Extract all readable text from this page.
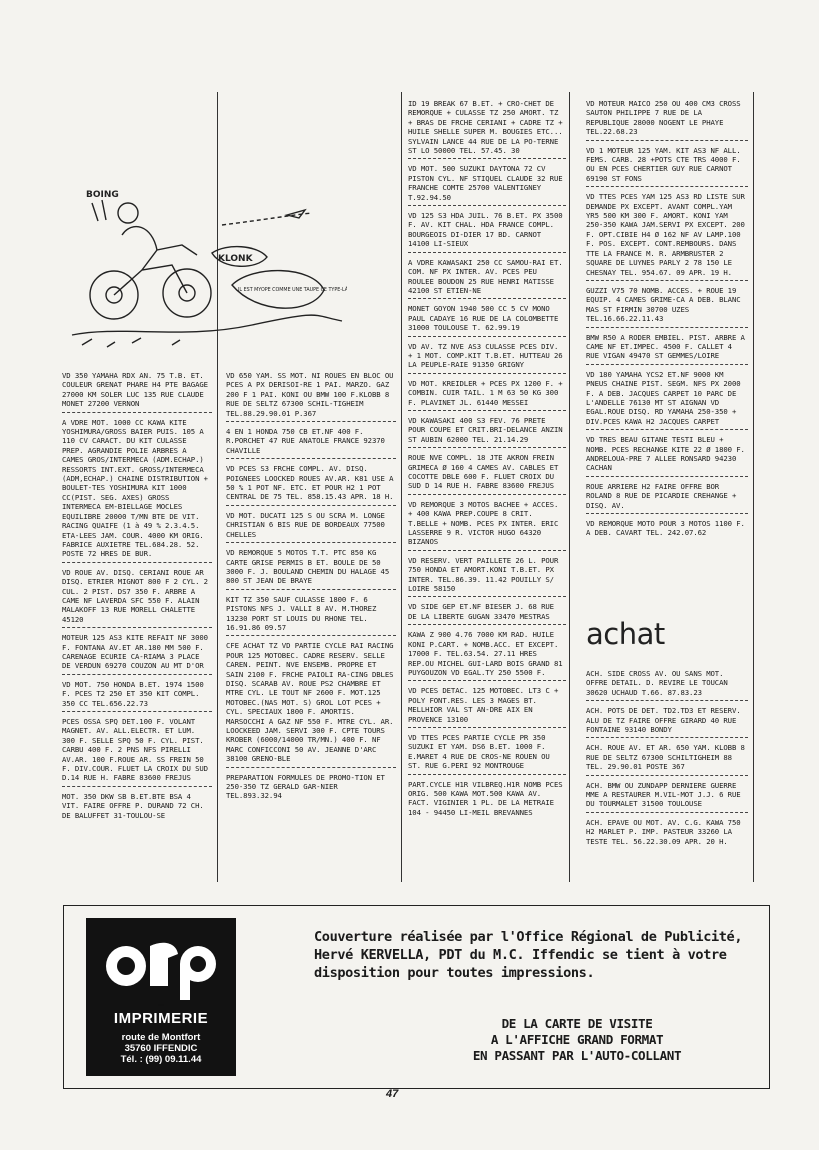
BOING
KLONK
IL EST MYOPE COMME UNE TAUPE CE TYPE-LÀ
VD 350 YAMAHA RDX AN. 75 T.B. ET. COULEUR GRENAT PHARE H4 PTE BAGAGE 27000 KM SOLER LUC 135 RUE CLAUDE MONET 27200 VERNON
A VDRE MOT. 1000 CC KAWA KITE YOSHIMURA/GROSS BAIER PUIS. 105 A 110 CV CARACT. DU KIT CULASSE PREP. AGRANDIE POLIE ARBRES A CAMES GROS/INTERMECA (ADM.ECHAP.) RESSORTS INT.EXT. GROSS/INTERMECA (ADM,ECHAP.) CHAINE DISTRIBUTION + BOULET-TES YOSHIMURA KIT 1000 CC(PIST. SEG. AXES) GROSS INTERMECA EM-BIELLAGE MOCLES EQUILIBRE 20000 T/MN BTE DE VIT. RACING QUAIFE (1 à 49 % 2.3.4.5. ETA-LEES JAM. COUR. 4000 KM ORIG. FABRICE AUXIETRE TEL.684.28. 52. POSTE 72 HRES DE BUR.
VD ROUE AV. DISQ. CERIANI ROUE AR DISQ. ETRIER MIGNOT 800 F 2 CYL. 2 CUL. 2 PIST. DS7 350 F. ARBRE A CAME NF LAVERDA SFC 550 F. ALAIN MALAKOFF 13 RUE MORELL CHALETTE 45120
MOTEUR 125 AS3 KITE REFAIT NF 3000 F. FONTANA AV.ET AR.180 MM 500 F. CARENAGE ECURIE CA-RIAMA 3 PLACE DE VERDUN 69270 COUZON AU MT D'OR
VD MOT. 750 HONDA B.ET. 1974 1500 F. PCES T2 250 ET 350 KIT COMPL. 350 CC TEL.656.22.73
PCES OSSA SPQ DET.100 F. VOLANT MAGNET. AV. ALL.ELECTR. ET LUM. 300 F. SELLE SPQ 50 F. CYL. PIST. CARBU 400 F. 2 PNS NFS PIRELLI AV.AR. 100 F.ROUE AR. SS FREIN 50 F. DIV.COUR. FLUET LA CROIX DU SUD D.14 RUE H. FABRE 83600 FREJUS
MOT. 350 DKW SB B.ET.BTE BSA 4 VIT. FAIRE OFFRE P. DURAND 72 CH. DE BALUFFET 31-TOULOU-SE
VD 650 YAM. SS MOT. NI ROUES EN BLOC OU PCES A PX DERISOI-RE 1 PAI. MARZO. GAZ 200 F 1 PAI. KONI OU BMW 100 F.KLOBB 8 RUE DE SELTZ 67300 SCHIL-TIGHEIM TEL.88.29.90.01 P.367
4 EN 1 HONDA 750 CB ET.NF 400 F. R.PORCHET 47 RUE ANATOLE FRANCE 92370 CHAVILLE
VD PCES S3 FRCHE COMPL. AV. DISQ. POIGNEES LOOCKED ROUES AV.AR. K81 USE A 50 % 1 POT NF. ETC. ET POUR H2 1 POT CENTRAL DE 75 TEL. 858.15.43 APR. 18 H.
VD MOT. DUCATI 125 S OU SCRA M. LONGE CHRISTIAN 6 BIS RUE DE BORDEAUX 77500 CHELLES
VD REMORQUE 5 MOTOS T.T. PTC 850 KG CARTE GRISE PERMIS B ET. BOULE DE 50 3000 F. J. BOULAND CHEMIN DU HALAGE 45 800 ST JEAN DE BRAYE
KIT TZ 350 SAUF CULASSE 1800 F. 6 PISTONS NFS J. VALLI 8 AV. M.THOREZ 13230 PORT ST LOUIS DU RHONE TEL. 16.91.86 09.57
CFE ACHAT TZ VD PARTIE CYCLE RAI RACING POUR 125 MOTOBEC. CADRE RESERV. SELLE CAREN. PEINT. NVE ENSEMB. PROPRE ET SAIN 2100 F. FRCHE PAIOLI RA-CING DBLES DISQ. SCARAB AV. ROUE PS2 CHAMBRE ET MTRE CYL. LE TOUT NF 2600 F. MOT.125 MOTOBEC.(NAS MOT. S) GROL LOT PCES + CYL. SPECIAUX 1800 F. AMORTIS. MARSOCCHI A GAZ NF 550 F. MTRE CYL. AR. LOOCKEED JAM. SERVI 300 F. CPTE TOURS KROBER (6000/14000 TR/MN.) 400 F. NF MARC CONFICCONI 50 AV. JEANNE D'ARC 38100 GRENO-BLE
PREPARATION FORMULES DE PROMO-TION ET 250-350 TZ GERALD GAR-NIER TEL.893.32.94
ID 19 BREAK 67 B.ET. + CRO-CHET DE REMORQUE + CULASSE TZ 250 AMORT. TZ + BRAS DE FRCHE CERIANI + CADRE TZ + HUILE SHELLE SUPER M. BOUGIES ETC... SYLVAIN LANCE 44 RUE DE LA PO-TERNE ST LO 50000 TEL. 57.45. 30
VD MOT. 500 SUZUKI DAYTONA 72 CV PISTON CYL. NF STIQUEL CLAUDE 32 RUE FRANCHE COMTE 25700 VALENTIGNEY T.92.94.50
VD 125 S3 HDA JUIL. 76 B.ET. PX 3500 F. AV. KIT CHAL. HDA FRANCE COMPL. BOURGEOIS DI-DIER 17 BD. CARNOT 14100 LI-SIEUX
A VDRE KAWASAKI 250 CC SAMOU-RAI ET. COM. NF PX INTER. AV. PCES PEU ROULEE BOUDON 25 RUE HENRI MATISSE 42100 ST ETIEN-NE
MONET GOYON 1940 500 CC 5 CV MONO PAUL CADAYE 16 RUE DE LA COLOMBETTE 31000 TOULOUSE T. 62.99.19
VD AV. TZ NVE AS3 CULASSE PCES DIV. + 1 MOT. COMP.KIT T.B.ET. HUTTEAU 26 LA PEUPLE-RAIE 91350 GRIGNY
VD MOT. KREIDLER + PCES PX 1200 F. + COMBIN. CUIR TAIL. 1 M 63 50 KG 300 F. PLAVINET JL. 61440 MESSEI
VD KAWASAKI 400 S3 FEV. 76 PRETE POUR COUPE ET CRIT.BRI-DELANCE ANZIN ST AUBIN 62000 TEL. 21.14.29
ROUE NVE COMPL. 18 JTE AKRON FREIN GRIMECA Ø 160 4 CAMES AV. CABLES ET COCOTTE DBLE 600 F. FLUET CROIX DU SUD D 14 RUE H. FABRE 83600 FREJUS
VD REMORQUE 3 MOTOS BACHEE + ACCES. + 400 KAWA PREP.COUPE 8 CRIT. T.BELLE + NOMB. PCES PX INTER. ERIC LASSERRE 9 R. VICTOR HUGO 64320 BIZANOS
VD RESERV. VERT PAILLETE 26 L. POUR 750 HONDA ET AMORT.KONI T.B.ET. PX INTER. TEL.86.39. 11.42 POUILLY S/ LOIRE 58150
VD SIDE GEP ET.NF BIESER J. 68 RUE DE LA LIBERTE GUGAN 33470 MESTRAS
KAWA Z 900 4.76 7000 KM RAD. HUILE KONI P.CART. + NOMB.ACC. ET EXCEPT. 17000 F. TEL.63.54. 27.11 HRES REP.OU MICHEL GUI-LARD BOIS GRAND 81 PUYGOUZON VD EGAL.TY 250 5500 F.
VD PCES DETAC. 125 MOTOBEC. LT3 C + POLY FONT.RES. LES 3 MAGES BT. MELLHIOR VAL ST AN-DRE AIX EN PROVENCE 13100
VD TTES PCES PARTIE CYCLE PR 350 SUZUKI ET YAM. DS6 B.ET. 1000 F. E.MARET 4 RUE DE CROS-NE ROUEN OU ST. RUE G.PERI 92 MONTROUGE
PART.CYCLE H1R VILBREQ.H1R NOMB PCES ORIG. 500 KAWA MOT.500 KAWA AV. FACT. VIGINIER 1 PL. DE LA METRAIE 104 - 94450 LI-MEIL BREVANNES
VD MOTEUR MAICO 250 OU 400 CM3 CROSS SAUTON PHILIPPE 7 RUE DE LA REPUBLIQUE 28000 NOGENT LE PHAYE TEL.22.68.23
VD 1 MOTEUR 125 YAM. KIT AS3 NF ALL. FEMS. CARB. 28 +POTS CTE TRS 4000 F. OU EN PCES CHERTIER GUY RUE CARNOT 69190 ST FONS
VD TTES PCES YAM 125 AS3 RD LISTE SUR DEMANDE PX EXCEPT. AVANT COMPL.YAM YR5 500 KM 300 F. AMORT. KONI YAM 250-350 KAWA JAM.SERVI PX EXCEPT. 200 F. OPT.CIBIE H4 Ø 162 NF AV LAMP.100 F. POS. EXCEPT. CONT.REMBOURS. DANS TTE LA FRANCE M. R. ARMBRUSTER 2 SQUARE DE LUYNES PARLY 2 78 150 LE CHESNAY TEL. 954.67. 09 APR. 19 H.
GUZZI V75 70 NOMB. ACCES. + ROUE 19 EQUIP. 4 CAMES GRIME-CA A DEB. BLANC MAS ST FIRMIN 30700 UZES TEL.16.66.22.11.43
BMW R50 A RODER EMBIEL. PIST. ARBRE A CAME NF ET.IMPEC. 4500 F. CALLET 4 RUE VIGAN 49470 ST GEMMES/LOIRE
VD 180 YAMAHA YCS2 ET.NF 9000 KM PNEUS CHAINE PIST. SEGM. NFS PX 2000 F. A DEB. JACQUES CARPET 10 PARC DE L'ANDELLE 76130 MT ST AIGNAN VD EGAL.ROUE DISQ. RD YAMAHA 250-350 + DIV.PCES KAWA H2 JACQUES CARPET
VD TRES BEAU GITANE TESTI BLEU + NOMB. PCES RECHANGE KITE 22 Ø 1800 F. ANDRELOUA-PRE 7 ALLEE RONSARD 94230 CACHAN
ROUE ARRIERE H2 FAIRE OFFRE BOR ROLAND 8 RUE DE PICARDIE CREHANGE + DISQ. AV.
VD REMORQUE MOTO POUR 3 MOTOS 1100 F. A DEB. CAVART TEL. 242.07.62
achat
ACH. SIDE CROSS AV. OU SANS MOT. OFFRE DETAIL. D. REVIRE LE TOUCAN 30620 UCHAUD T.66. 87.83.23
ACH. POTS DE DET. TD2.TD3 ET RESERV. ALU DE TZ FAIRE OFFRE GIRARD 40 RUE FONTAINE 93140 BONDY
ACH. ROUE AV. ET AR. 650 YAM. KLOBB 8 RUE DE SELTZ 67300 SCHILTIGHEIM 88 TEL. 29.90.01 POSTE 367
ACH. BMW OU ZUNDAPP DERNIERE GUERRE MME A RESTAURER M.VIL-MOT J.J. 6 RUE DU TOURMALET 31500 TOULOUSE
ACH. EPAVE OU MOT. AV. C.G. KAWA 750 H2 MARLET P. IMP. PASTEUR 33260 LA TESTE TEL. 56.22.30.09 APR. 20 H.
orp
IMPRIMERIE
route de Montfort
35760 IFFENDIC
Tél. : (99) 09.11.44
Couverture réalisée par l'Office Régional de Publicité, Hervé KERVELLA, PDT du M.C. Iffendic se tient à votre disposition pour toutes impressions.
DE LA CARTE DE VISITE
A L'AFFICHE GRAND FORMAT
EN PASSANT PAR L'AUTO-COLLANT
47
